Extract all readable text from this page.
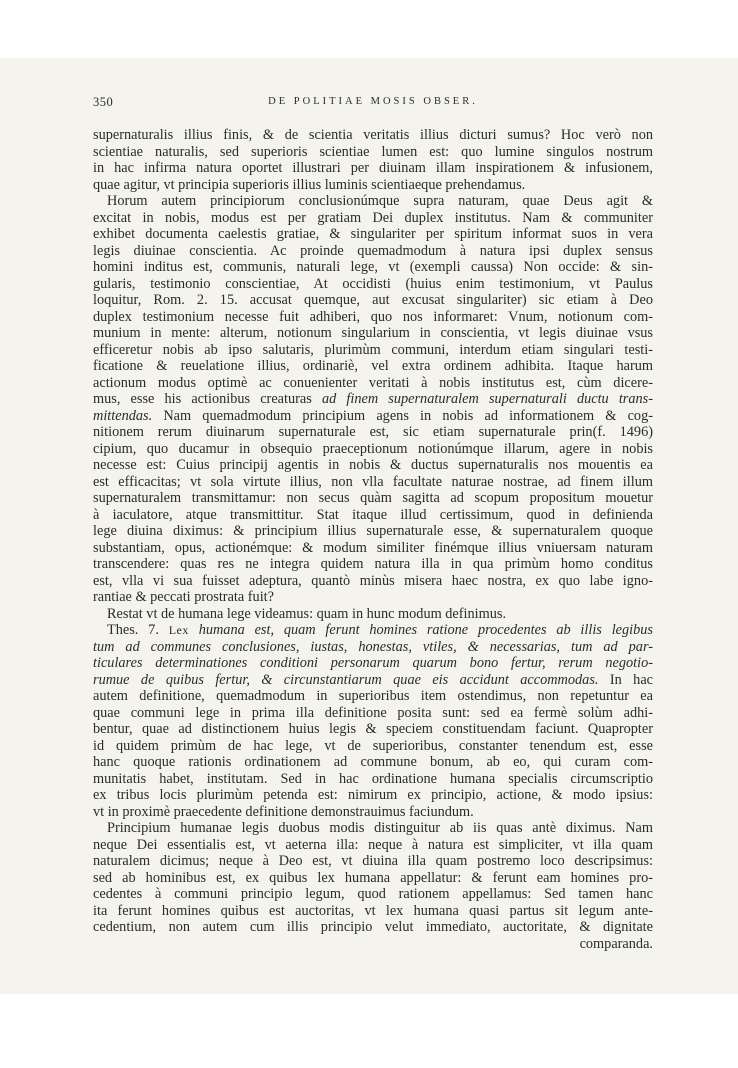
350	DE POLITIAE MOSIS OBSER.
supernaturalis illius finis, & de scientia veritatis illius dicturi sumus? Hoc verò non
scientiae naturalis, sed superioris scientiae lumen est: quo lumine singulos nostrum
in hac infirma natura oportet illustrari per diuinam illam inspirationem & infusionem,
quae agitur, vt principia superioris illius luminis scientiaeque prehendamus.
Horum autem principiorum conclusionúmque supra naturam, quae Deus agit &
excitat in nobis, modus est per gratiam Dei duplex institutus. Nam & communiter
exhibet documenta caelestis gratiae, & singulariter per spiritum informat suos in vera
legis diuinae conscientia. Ac proinde quemadmodum à natura ipsi duplex sensus
homini inditus est, communis, naturali lege, vt (exempli caussa) Non occide: & sin-
gularis, testimonio conscientiae, At occidisti (huius enim testimonium, vt Paulus
loquitur, Rom. 2. 15. accusat quemque, aut excusat singulariter) sic etiam à Deo
duplex testimonium necesse fuit adhiberi, quo nos informaret: Vnum, notionum com-
munium in mente: alterum, notionum singularium in conscientia, vt legis diuinae vsus
efficeretur nobis ab ipso salutaris, plurimùm communi, interdum etiam singulari testi-
ficatione & reuelatione illius, ordinariè, vel extra ordinem adhibita. Itaque harum
actionum modus optimè ac conuenienter veritati à nobis institutus est, cùm dicere-
mus, esse his actionibus creaturas ad finem supernaturalem supernaturali ductu trans-
mittendas. Nam quemadmodum principium agens in nobis ad informationem & cog-
nitionem rerum diuinarum supernaturale est, sic etiam supernaturale prin(f. 1496)
cipium, quo ducamur in obsequio praeceptionum notionúmque illarum, agere in nobis
necesse est: Cuius principij agentis in nobis & ductus supernaturalis nos mouentis ea
est efficacitas; vt sola virtute illius, non vlla facultate naturae nostrae, ad finem illum
supernaturalem transmittamur: non secus quàm sagitta ad scopum propositum mouetur
à iaculatore, atque transmittitur. Stat itaque illud certissimum, quod in definienda
lege diuina diximus: & principium illius supernaturale esse, & supernaturalem quoque
substantiam, opus, actionémque: & modum similiter finémque illius vniuersam naturam
transcendere: quas res ne integra quidem natura illa in qua primùm homo conditus
est, vlla vi sua fuisset adeptura, quantò minùs misera haec nostra, ex quo labe igno-
rantiae & peccati prostrata fuit?
Restat vt de humana lege videamus: quam in hunc modum definimus.
Thes. 7. Lex humana est, quam ferunt homines ratione procedentes ab illis legibus
tum ad communes conclusiones, iustas, honestas, vtiles, & necessarias, tum ad par-
ticulares determinationes conditioni personarum quarum bono fertur, rerum negotio-
rumue de quibus fertur, & circunstantiarum quae eis accidunt accommodas. In hac
autem definitione, quemadmodum in superioribus item ostendimus, non repetuntur ea
quae communi lege in prima illa definitione posita sunt: sed ea fermè solùm adhi-
bentur, quae ad distinctionem huius legis & speciem constituendam faciunt. Quapropter
id quidem primùm de hac lege, vt de superioribus, constanter tenendum est, esse
hanc quoque rationis ordinationem ad commune bonum, ab eo, qui curam com-
munitatis habet, institutam. Sed in hac ordinatione humana specialis circumscriptio
ex tribus locis plurimùm petenda est: nimirum ex principio, actione, & modo ipsius:
vt in proximè praecedente definitione demonstrauimus faciundum.
Principium humanae legis duobus modis distinguitur ab iis quas antè diximus. Nam
neque Dei essentialis est, vt aeterna illa: neque à natura est simpliciter, vt illa quam
naturalem dicimus; neque à Deo est, vt diuina illa quam postremo loco descripsimus:
sed ab hominibus est, ex quibus lex humana appellatur: & ferunt eam homines pro-
cedentes à communi principio legum, quod rationem appellamus: Sed tamen hanc
ita ferunt homines quibus est auctoritas, vt lex humana quasi partus sit legum ante-
cedentium, non autem cum illis principio velut immediato, auctoritate, & dignitate
comparanda.
